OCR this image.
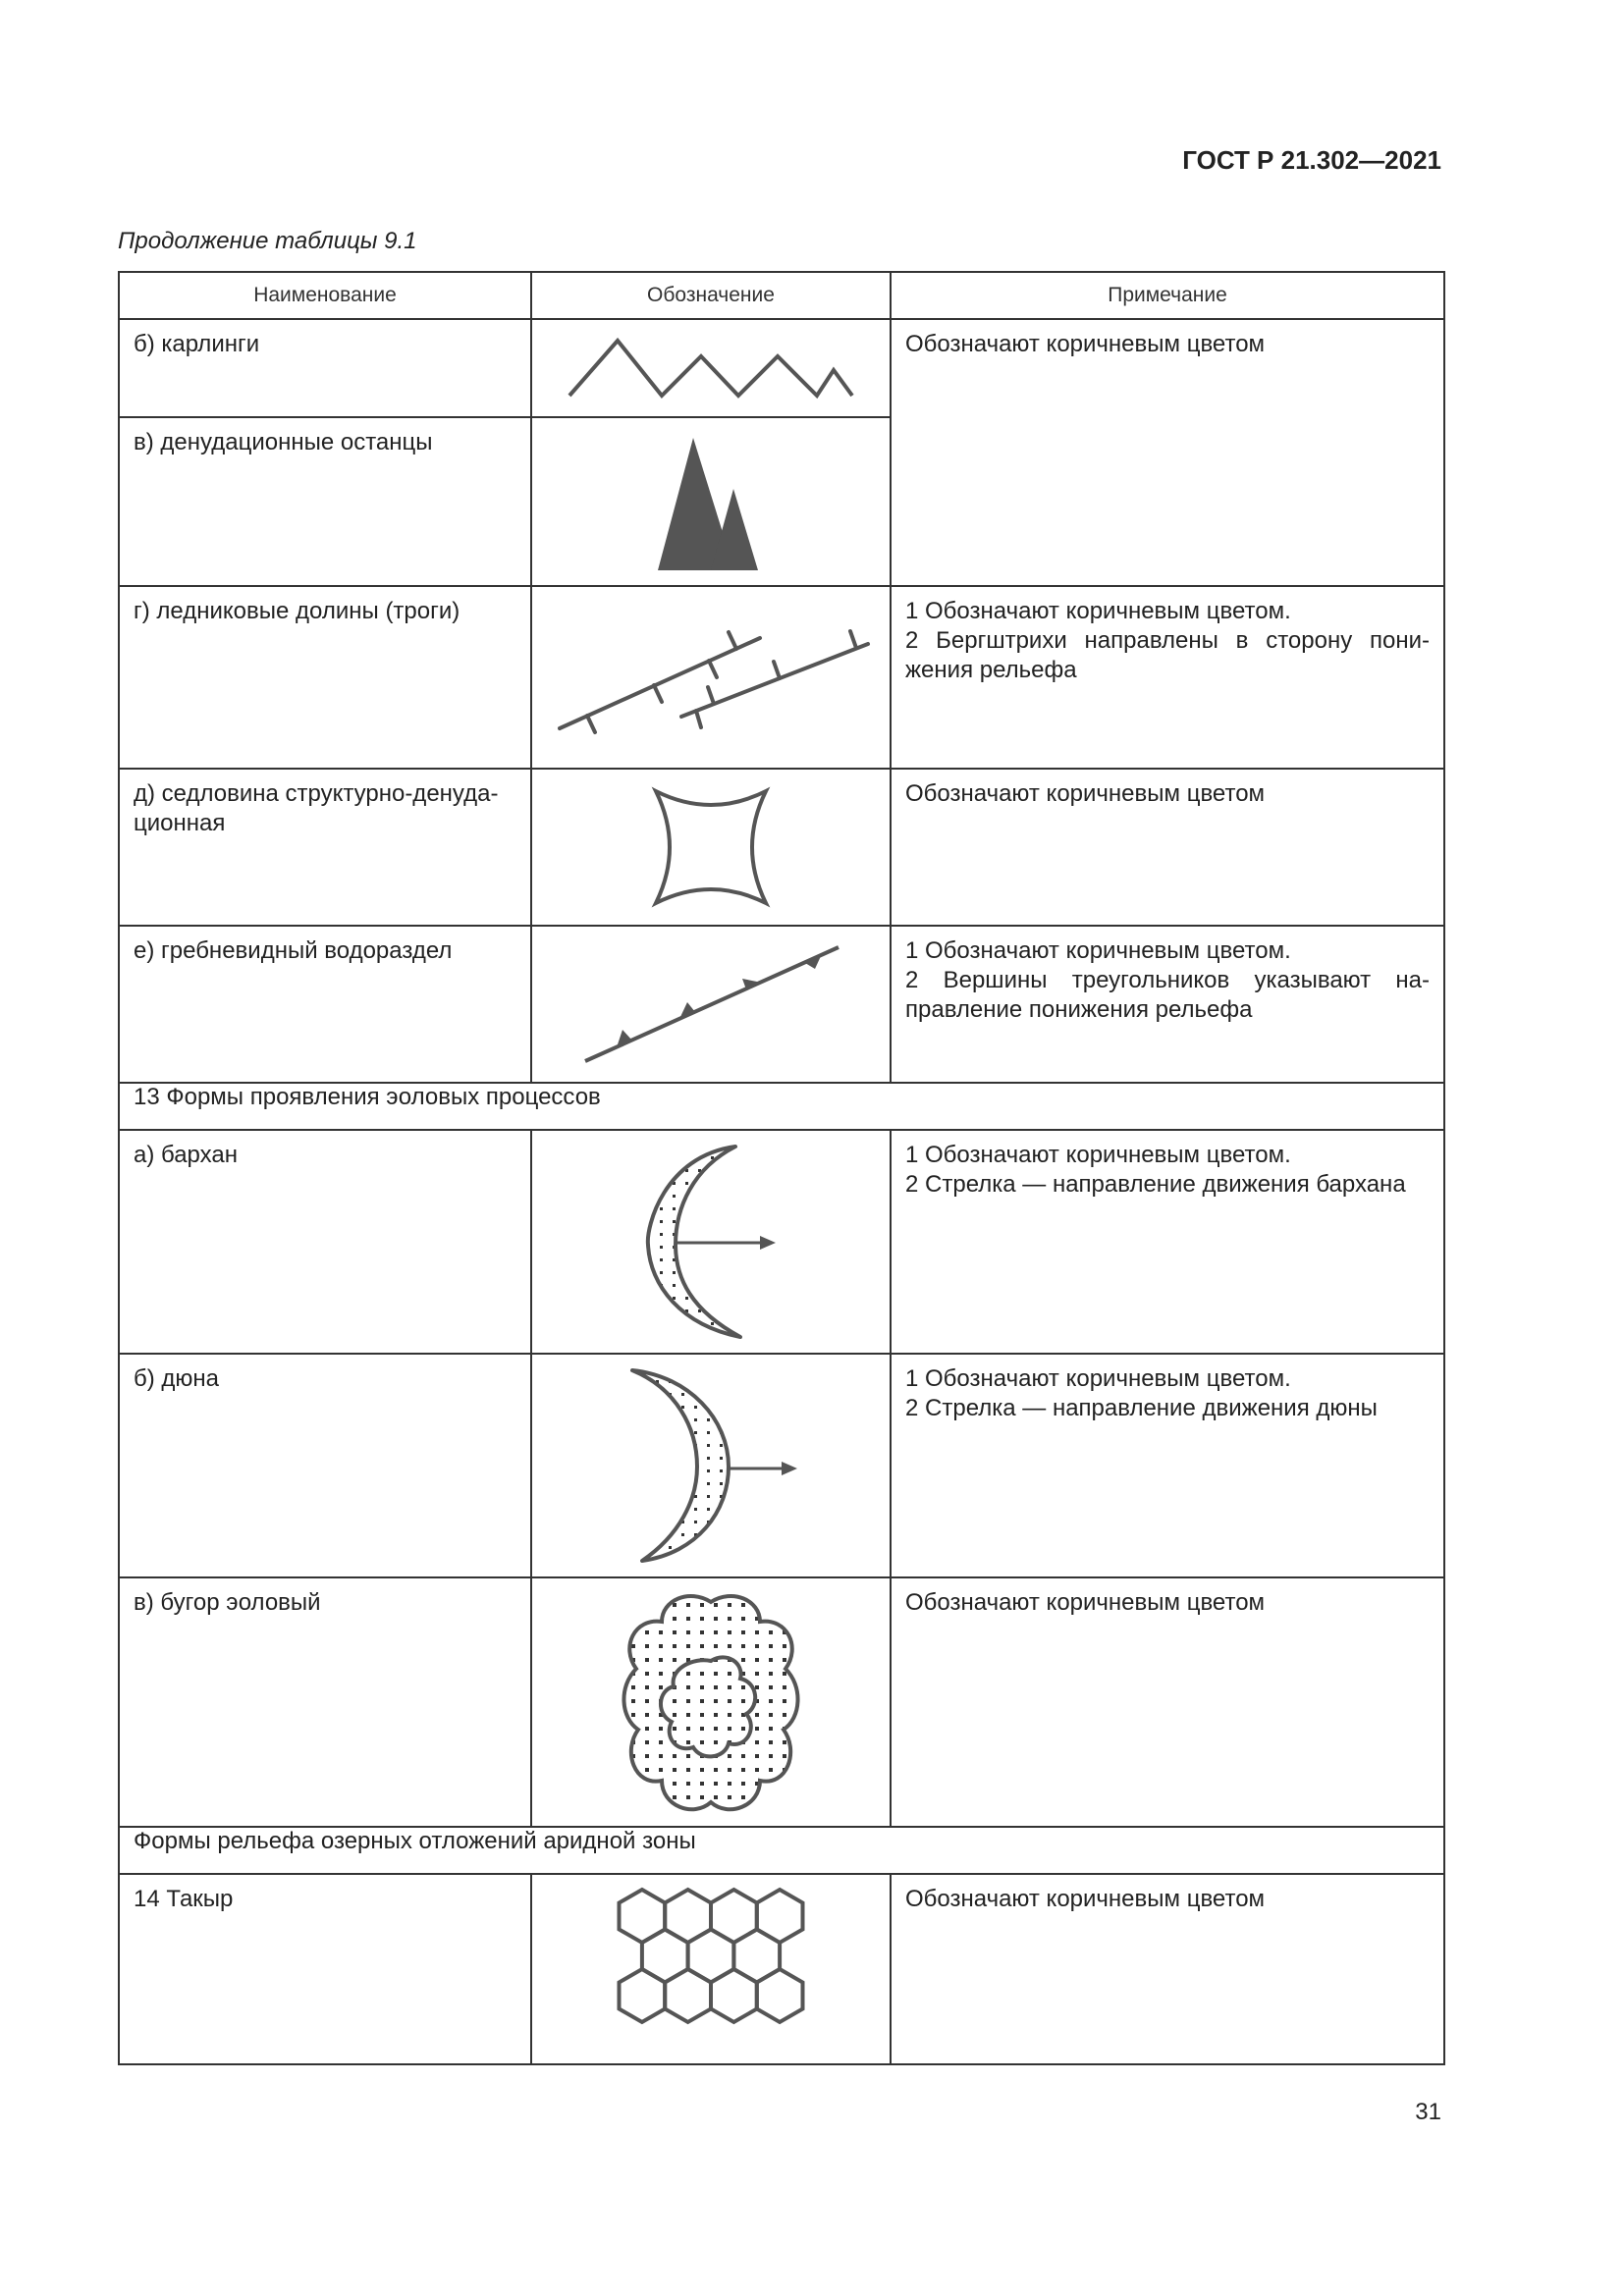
ГОСТ Р 21.302—2021
Продолжение таблицы 9.1
Наименование	Обозначение	Примечание
б) карлинги		Обозначают коричневым цветом
в) денудационные останцы	

г) ледниковые долины (троги)		1 Обозначают коричневым цветом.

2 Бергштрихи направлены в сторону пони-жения рельефа

д) седловина структурно-денуда-ционная		Обозначают коричневым цветом
е) гребневидный водораздел		1 Обозначают коричневым цветом.

2 Вершины треугольников указывают на-правление понижения рельефа

13 Формы проявления эоловых процессов		
а) бархан		1 Обозначают коричневым цветом.

2 Стрелка — направление движения бархана

б) дюна		1 Обозначают коричневым цветом.

2 Стрелка — направление движения дюны

в) бугор эоловый		Обозначают коричневым цветом
Формы рельефа озерных отложений аридной зоны		
14 Такыр		Обозначают коричневым цветом
31
